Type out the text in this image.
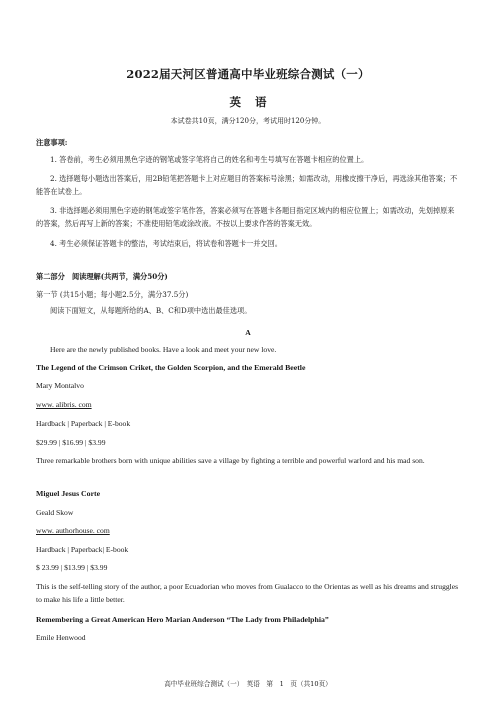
2022届天河区普通高中毕业班综合测试（一）
英语
本试卷共10页，满分120分，考试用时120分钟。
注意事项:
1. 答卷前，考生必须用黑色字迹的钢笔或签字笔将自己的姓名和考生号填写在答题卡相应的位置上。
2. 选择题每小题选出答案后，用2B铅笔把答题卡上对应题目的答案标号涂黑；如需改动，用橡皮擦干净后，再选涂其他答案；不能答在试卷上。
3. 非选择题必须用黑色字迹的钢笔或签字笔作答，答案必须写在答题卡各题目指定区域内的相应位置上；如需改动，先划掉原来的答案，然后再写上新的答案；不准使用铅笔或涂改液。不按以上要求作答的答案无效。
4. 考生必须保证答题卡的整洁，考试结束后，将试卷和答题卡一并交回。
第二部分　阅读理解(共两节，满分50分)
第一节 (共15小题；每小题2.5分，满分37.5分)
阅读下面短文，从每题所给的A、B、C和D项中选出最佳选项。
A
Here are the newly published books. Have a look and meet your new love.
The Legend of the Crimson Criket, the Golden Scorpion, and the Emerald Beetle
Mary Montalvo
www. alibris. com
Hardback | Paperback | E-book
$29.99 | $16.99 | $3.99
Three remarkable brothers born with unique abilities save a village by fighting a terrible and powerful warlord and his mad son.
Miguel Jesus Corte
Geald Skow
www. authorhouse. com
Hardback | Paperback| E-book
$ 23.99 | $13.99 | $3.99
This is the self-telling story of the author, a poor Ecuadorian who moves from Gualacco to the Orientas as well as his dreams and struggles to make his life a little better.
Remembering a Great American Hero Marian Anderson “The Lady from Philadelphia”
Emile Henwood
高中毕业班综合测试（一）　英语　第　1　页（共10页）
